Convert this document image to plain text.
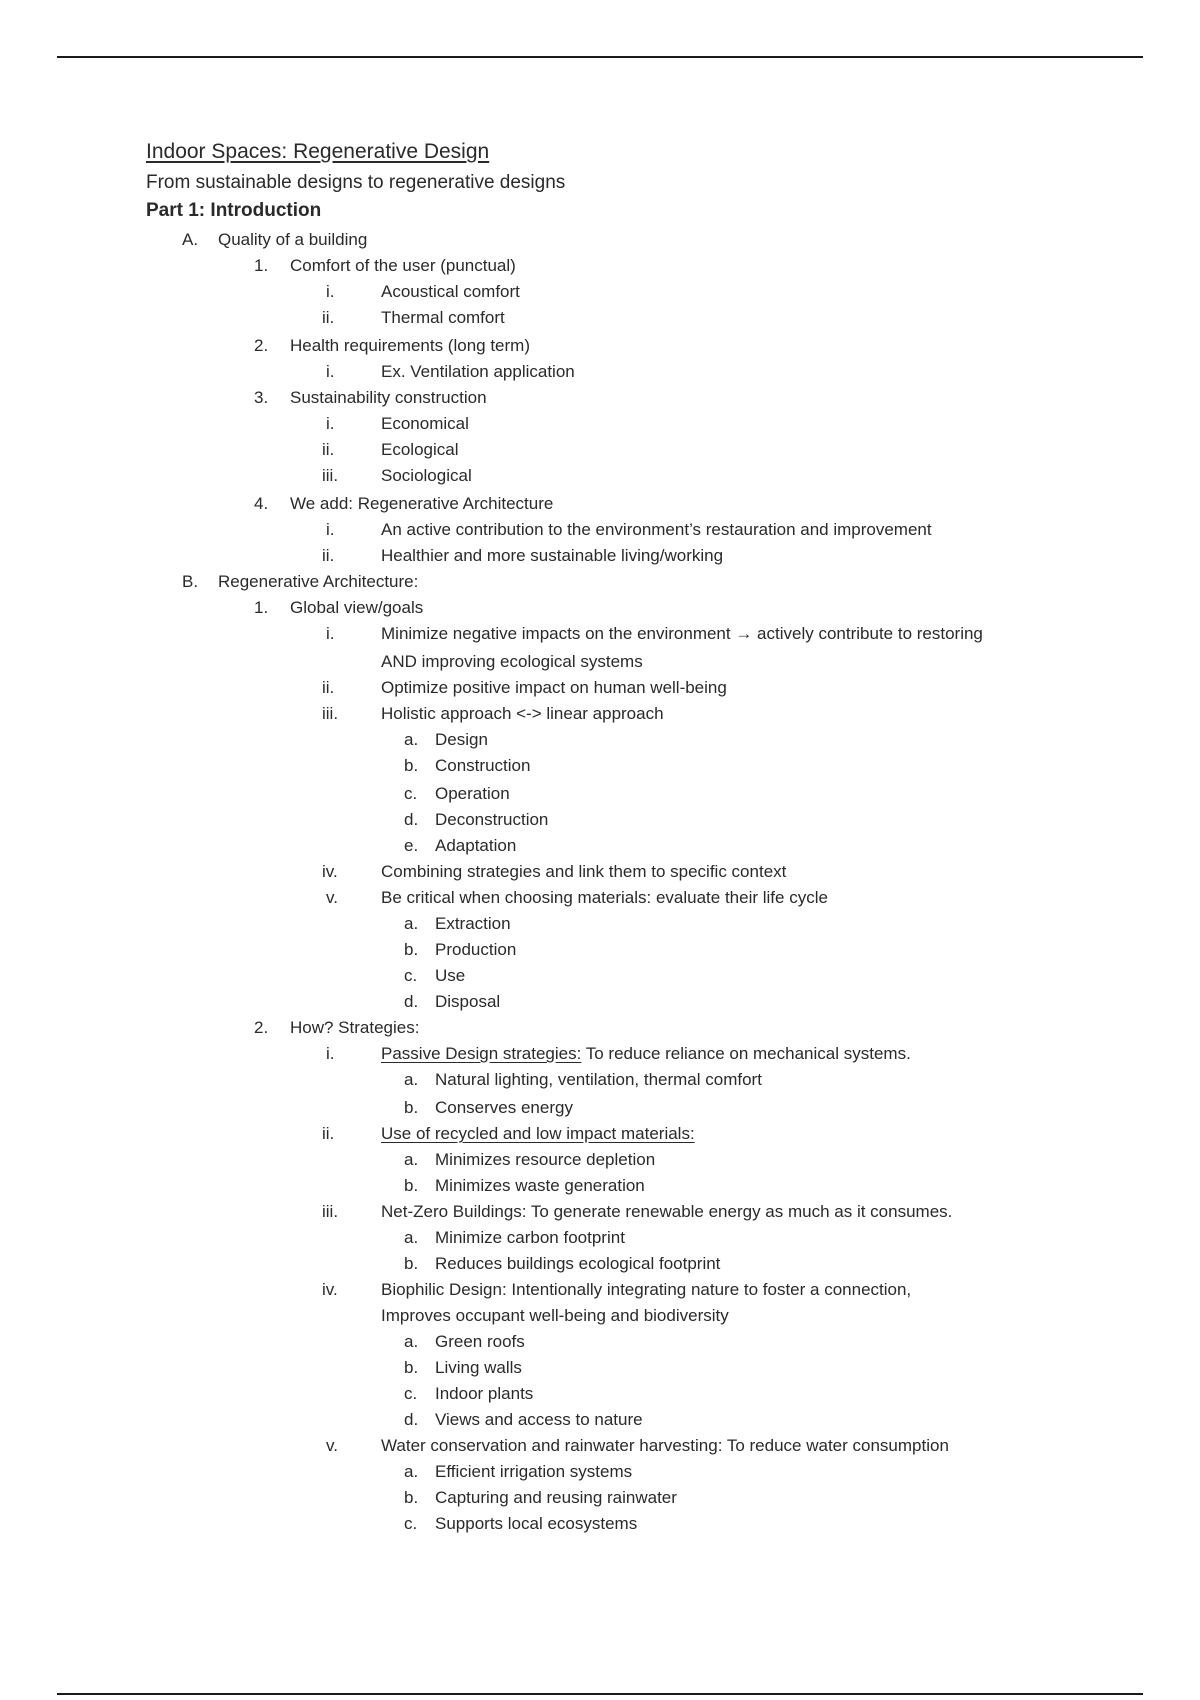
Indoor Spaces: Regenerative Design
From sustainable designs to regenerative designs
Part 1: Introduction
A. Quality of a building
1. Comfort of the user (punctual)
i.	Acoustical comfort
ii.	Thermal comfort
2. Health requirements (long term)
i.	Ex. Ventilation application
3. Sustainability construction
i.	Economical
ii.	Ecological
iii.	Sociological
4. We add: Regenerative Architecture
i.	An active contribution to the environment’s restauration and improvement
ii.	Healthier and more sustainable living/working
B. Regenerative Architecture:
1. Global view/goals
i.	Minimize negative impacts on the environment → actively contribute to restoring
AND improving ecological systems
ii.	Optimize positive impact on human well-being
iii.	Holistic approach <-> linear approach
a. Design
b. Construction
c. Operation
d. Deconstruction
e. Adaptation
iv.	Combining strategies and link them to specific context
v.	Be critical when choosing materials: evaluate their life cycle
a. Extraction
b. Production
c. Use
d. Disposal
2. How? Strategies:
i.	Passive Design strategies: To reduce reliance on mechanical systems.
a. Natural lighting, ventilation, thermal comfort
b. Conserves energy
ii.	Use of recycled and low impact materials:
a. Minimizes resource depletion
b. Minimizes waste generation
iii.	Net-Zero Buildings: To generate renewable energy as much as it consumes.
a. Minimize carbon footprint
b. Reduces buildings ecological footprint
iv.	Biophilic Design: Intentionally integrating nature to foster a connection,
Improves occupant well-being and biodiversity
a. Green roofs
b. Living walls
c. Indoor plants
d. Views and access to nature
v.	Water conservation and rainwater harvesting: To reduce water consumption
a. Efficient irrigation systems
b. Capturing and reusing rainwater
c. Supports local ecosystems
